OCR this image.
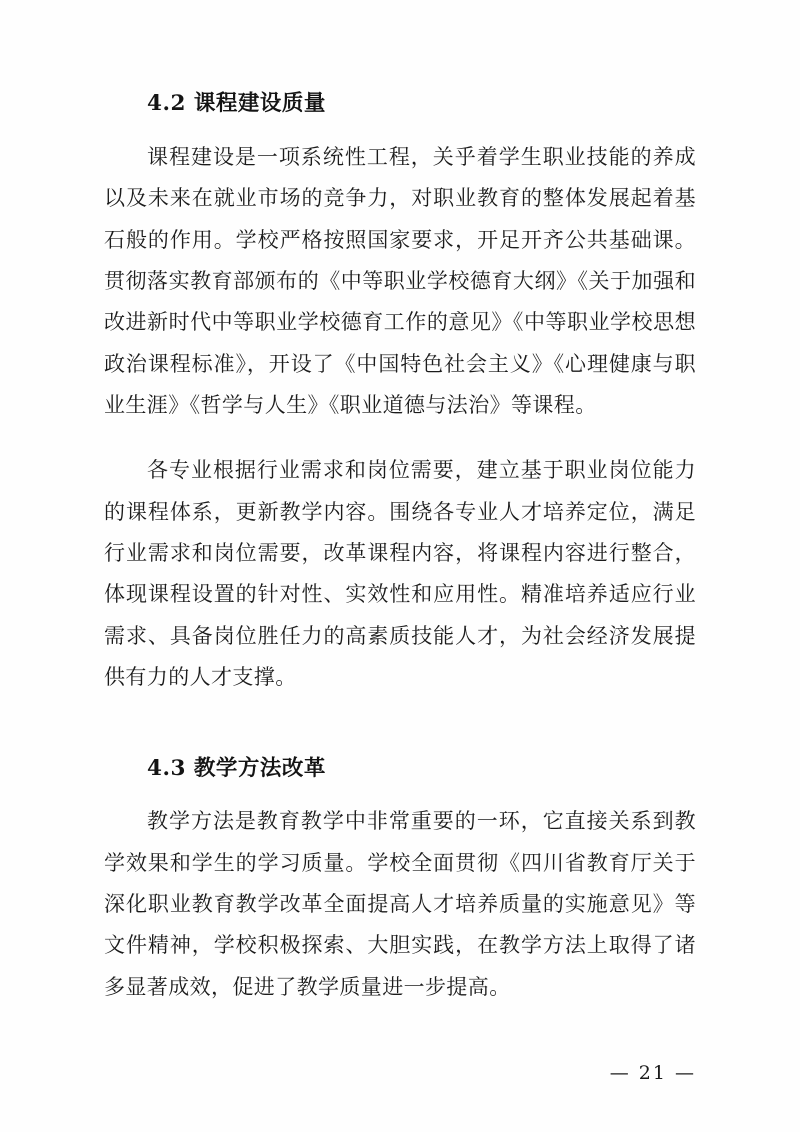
4.2 课程建设质量

课程建设是一项系统性工程，关乎着学生职业技能的养成以及未来在就业市场的竞争力，对职业教育的整体发展起着基石般的作用。学校严格按照国家要求，开足开齐公共基础课。贯彻落实教育部颁布的《中等职业学校德育大纲》《关于加强和改进新时代中等职业学校德育工作的意见》《中等职业学校思想政治课程标准》，开设了《中国特色社会主义》《心理健康与职业生涯》《哲学与人生》《职业道德与法治》等课程。

各专业根据行业需求和岗位需要，建立基于职业岗位能力的课程体系，更新教学内容。围绕各专业人才培养定位，满足行业需求和岗位需要，改革课程内容，将课程内容进行整合，体现课程设置的针对性、实效性和应用性。精准培养适应行业需求、具备岗位胜任力的高素质技能人才，为社会经济发展提供有力的人才支撑。

4.3 教学方法改革

教学方法是教育教学中非常重要的一环，它直接关系到教学效果和学生的学习质量。学校全面贯彻《四川省教育厅关于深化职业教育教学改革全面提高人才培养质量的实施意见》等文件精神，学校积极探索、大胆实践，在教学方法上取得了诸多显著成效，促进了教学质量进一步提高。

— 21 —
